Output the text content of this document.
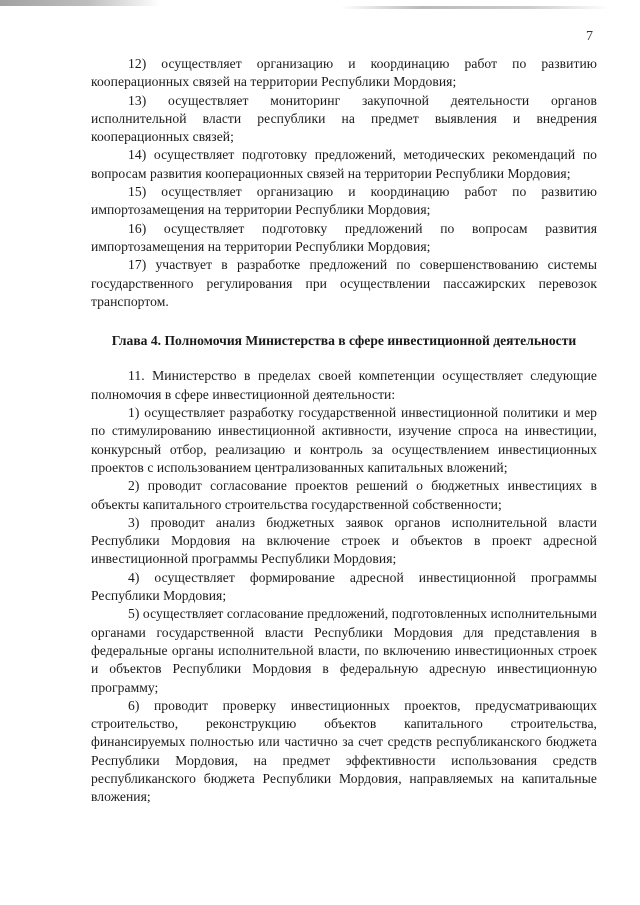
7

12) осуществляет организацию и координацию работ по развитию кооперационных связей на территории Республики Мордовия;

13) осуществляет мониторинг закупочной деятельности органов исполнительной власти республики на предмет выявления и внедрения кооперационных связей;

14) осуществляет подготовку предложений, методических рекомендаций по вопросам развития кооперационных связей на территории Республики Мордовия;

15) осуществляет организацию и координацию работ по развитию импортозамещения на территории Республики Мордовия;

16) осуществляет подготовку предложений по вопросам развития импортозамещения на территории Республики Мордовия;

17) участвует в разработке предложений по совершенствованию системы государственного регулирования при осуществлении пассажирских перевозок транспортом.

Глава 4. Полномочия Министерства в сфере инвестиционной деятельности

11. Министерство в пределах своей компетенции осуществляет следующие полномочия в сфере инвестиционной деятельности:

1) осуществляет разработку государственной инвестиционной политики и мер по стимулированию инвестиционной активности, изучение спроса на инвестиции, конкурсный отбор, реализацию и контроль за осуществлением инвестиционных проектов с использованием централизованных капитальных вложений;

2) проводит согласование проектов решений о бюджетных инвестициях в объекты капитального строительства государственной собственности;

3) проводит анализ бюджетных заявок органов исполнительной власти Республики Мордовия на включение строек и объектов в проект адресной инвестиционной программы Республики Мордовия;

4) осуществляет формирование адресной инвестиционной программы Республики Мордовия;

5) осуществляет согласование предложений, подготовленных исполнительными органами государственной власти Республики Мордовия для представления в федеральные органы исполнительной власти, по включению инвестиционных строек и объектов Республики Мордовия в федеральную адресную инвестиционную программу;

6) проводит проверку инвестиционных проектов, предусматривающих строительство, реконструкцию объектов капитального строительства, финансируемых полностью или частично за счет средств республиканского бюджета Республики Мордовия, на предмет эффективности использования средств республиканского бюджета Республики Мордовия, направляемых на капитальные вложения;
